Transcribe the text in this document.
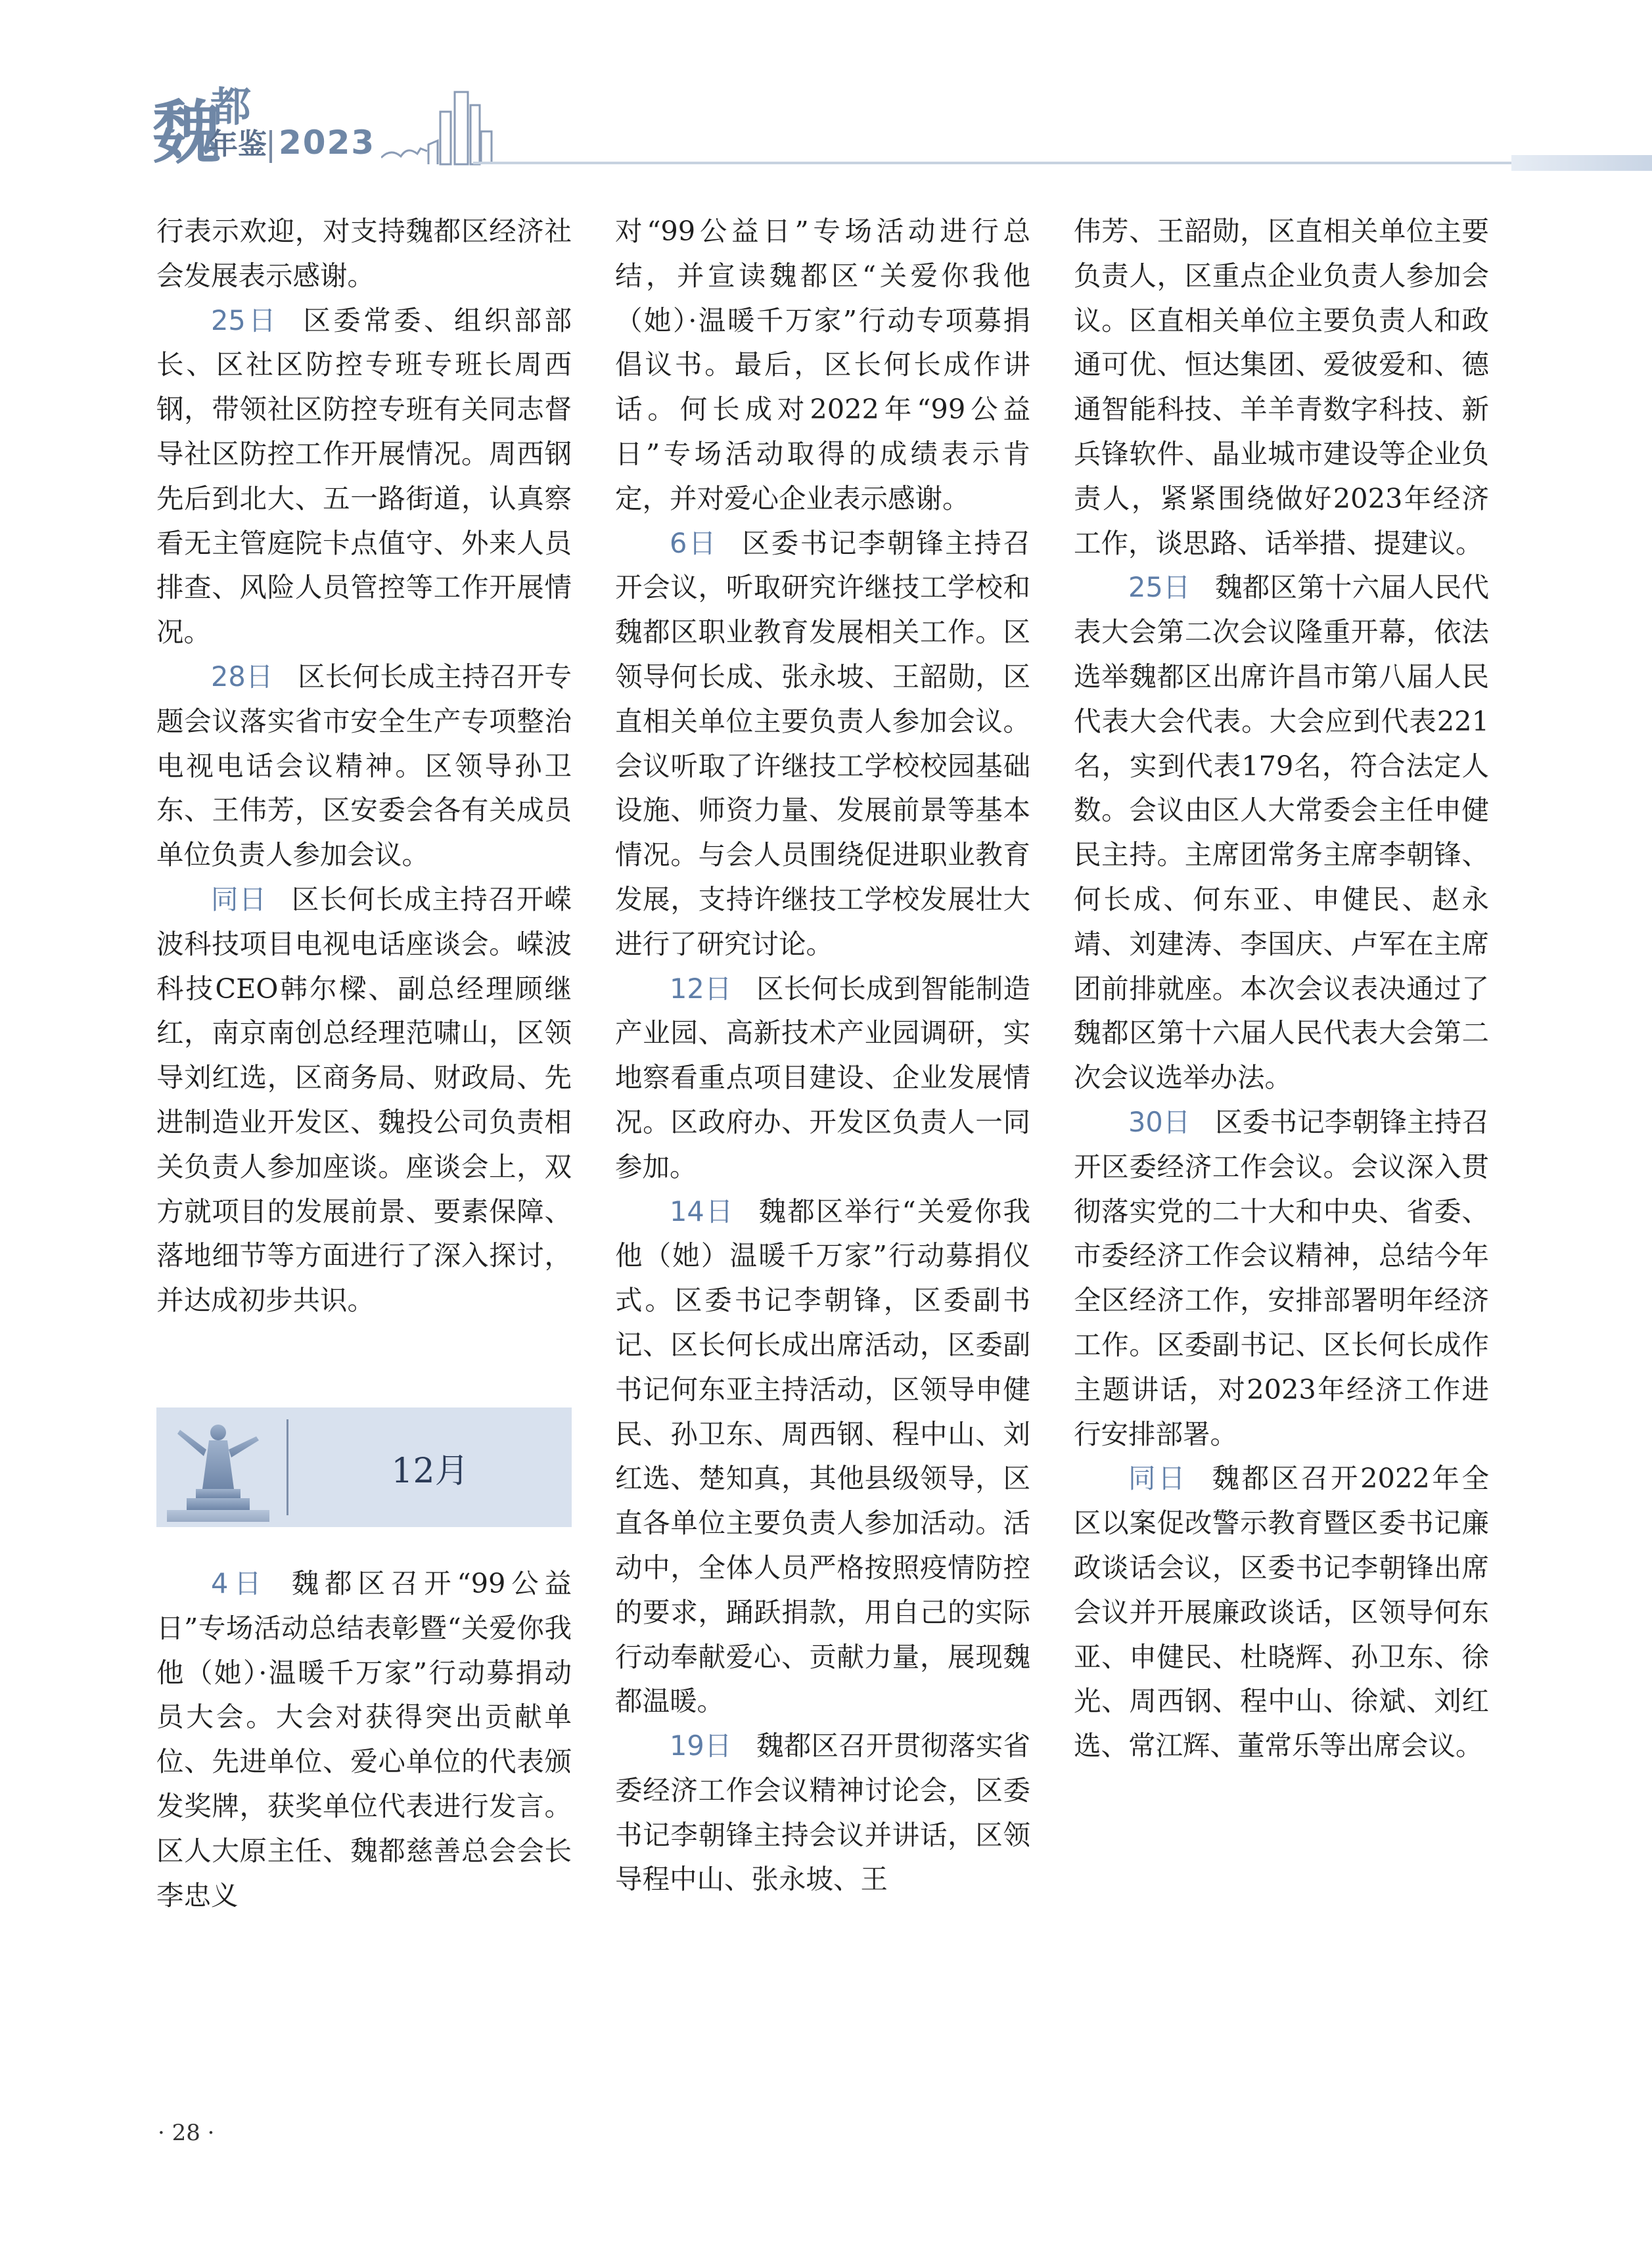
魏
都
年鉴 2023

行表示欢迎，对支持魏都区经济社会发展表示感谢。

25日 区委常委、组织部部长、区社区防控专班专班长周西钢，带领社区防控专班有关同志督导社区防控工作开展情况。周西钢先后到北大、五一路街道，认真察看无主管庭院卡点值守、外来人员排查、风险人员管控等工作开展情况。

28日 区长何长成主持召开专题会议落实省市安全生产专项整治电视电话会议精神。区领导孙卫东、王伟芳，区安委会各有关成员单位负责人参加会议。

同日 区长何长成主持召开嵘波科技项目电视电话座谈会。嵘波科技CEO韩尔樑、副总经理顾继红，南京南创总经理范啸山，区领导刘红选，区商务局、财政局、先进制造业开发区、魏投公司负责相关负责人参加座谈。座谈会上，双方就项目的发展前景、要素保障、落地细节等方面进行了深入探讨，并达成初步共识。

12月

4日 魏都区召开“99公益日”专场活动总结表彰暨“关爱你我他（她）·温暖千万家”行动募捐动员大会。大会对获得突出贡献单位、先进单位、爱心单位的代表颁发奖牌，获奖单位代表进行发言。区人大原主任、魏都慈善总会会长李忠义

对“99公益日”专场活动进行总结，并宣读魏都区“关爱你我他（她）·温暖千万家”行动专项募捐倡议书。最后，区长何长成作讲话。何长成对2022年“99公益日”专场活动取得的成绩表示肯定，并对爱心企业表示感谢。

6日 区委书记李朝锋主持召开会议，听取研究许继技工学校和魏都区职业教育发展相关工作。区领导何长成、张永坡、王韶勋，区直相关单位主要负责人参加会议。会议听取了许继技工学校校园基础设施、师资力量、发展前景等基本情况。与会人员围绕促进职业教育发展，支持许继技工学校发展壮大进行了研究讨论。

12日 区长何长成到智能制造产业园、高新技术产业园调研，实地察看重点项目建设、企业发展情况。区政府办、开发区负责人一同参加。

14日 魏都区举行“关爱你我他（她）温暖千万家”行动募捐仪式。区委书记李朝锋，区委副书记、区长何长成出席活动，区委副书记何东亚主持活动，区领导申健民、孙卫东、周西钢、程中山、刘红选、楚知真，其他县级领导，区直各单位主要负责人参加活动。活动中，全体人员严格按照疫情防控的要求，踊跃捐款，用自己的实际行动奉献爱心、贡献力量，展现魏都温暖。

19日 魏都区召开贯彻落实省委经济工作会议精神讨论会，区委书记李朝锋主持会议并讲话，区领导程中山、张永坡、王

伟芳、王韶勋，区直相关单位主要负责人，区重点企业负责人参加会议。区直相关单位主要负责人和政通可优、恒达集团、爱彼爱和、德通智能科技、羊羊青数字科技、新兵锋软件、晶业城市建设等企业负责人，紧紧围绕做好2023年经济工作，谈思路、话举措、提建议。

25日 魏都区第十六届人民代表大会第二次会议隆重开幕，依法选举魏都区出席许昌市第八届人民代表大会代表。大会应到代表221名，实到代表179名，符合法定人数。会议由区人大常委会主任申健民主持。主席团常务主席李朝锋、何长成、何东亚、申健民、赵永靖、刘建涛、李国庆、卢军在主席团前排就座。本次会议表决通过了魏都区第十六届人民代表大会第二次会议选举办法。

30日 区委书记李朝锋主持召开区委经济工作会议。会议深入贯彻落实党的二十大和中央、省委、市委经济工作会议精神，总结今年全区经济工作，安排部署明年经济工作。区委副书记、区长何长成作主题讲话，对2023年经济工作进行安排部署。

同日 魏都区召开2022年全区以案促改警示教育暨区委书记廉政谈话会议，区委书记李朝锋出席会议并开展廉政谈话，区领导何东亚、申健民、杜晓辉、孙卫东、徐光、周西钢、程中山、徐斌、刘红选、常江辉、董常乐等出席会议。

· 28 ·
